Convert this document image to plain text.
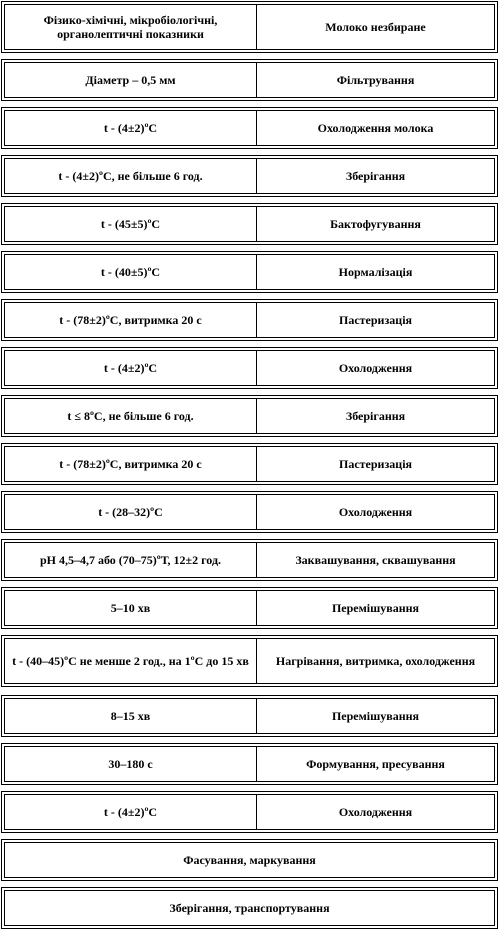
Фізико-хімічні, мікробіологічні, органолептичні показники	Молоко незбиране
Діаметр – 0,5 мм	Фільтрування
t - (4±2)ºС	Охолодження молока
t - (4±2)ºС, не більше 6 год.	Зберігання
t - (45±5)ºС	Бактофугування
t - (40±5)ºС	Нормалізація
t - (78±2)ºС, витримка 20 с	Пастеризація
t - (4±2)ºС	Охолодження
t ≤ 8ºС, не більше 6 год.	Зберігання
t - (78±2)ºС, витримка 20 с	Пастеризація
t - (28–32)ºС	Охолодження
pH 4,5–4,7 або (70–75)ºТ, 12±2 год.	Заквашування, сквашування
5–10 хв	Перемішування
t - (40–45)ºС не менше 2 год., на 1ºС до 15 хв	Нагрівання, витримка, охолодження
8–15 хв	Перемішування
30–180 с	Формування, пресування
t - (4±2)ºС	Охолодження
Фасування, маркування
Зберігання, транспортування
